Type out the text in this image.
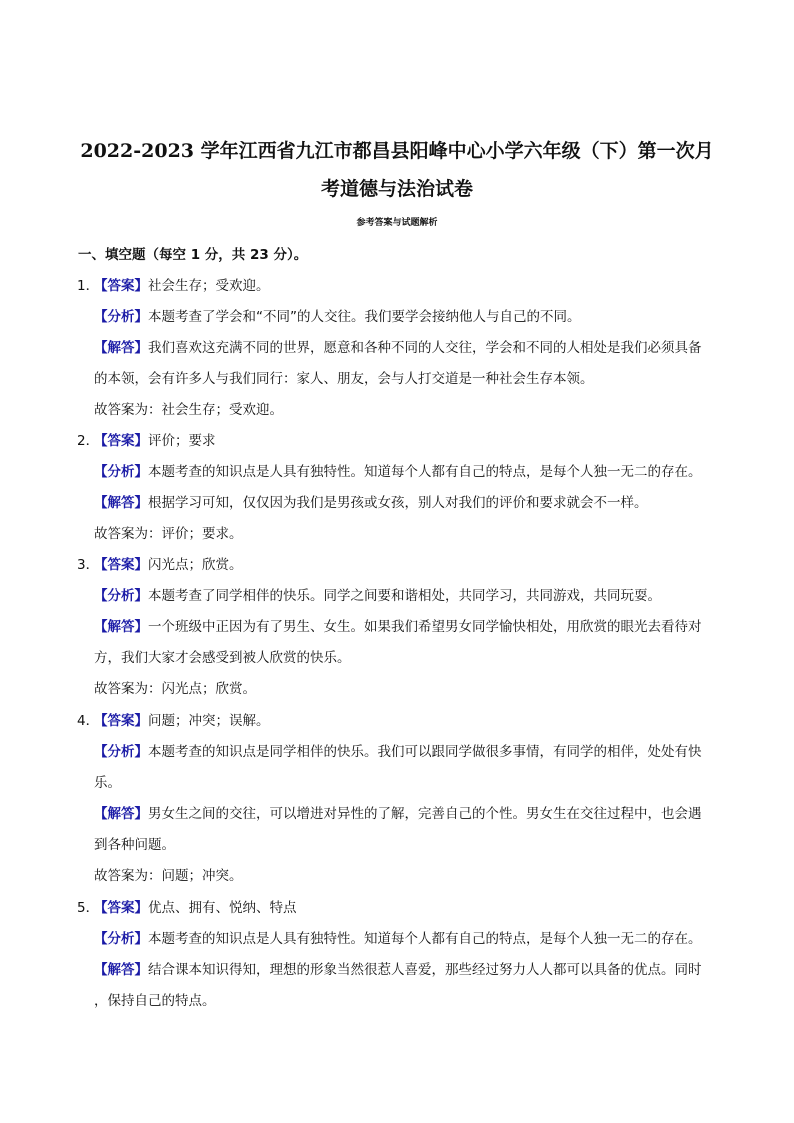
2022-2023 学年江西省九江市都昌县阳峰中心小学六年级（下）第一次月
考道德与法治试卷
参考答案与试题解析
一、填空题（每空 1 分，共 23 分）。
1．【答案】社会生存；受欢迎。
【分析】本题考查了学会和“不同”的人交往。我们要学会接纳他人与自己的不同。
【解答】我们喜欢这充满不同的世界，愿意和各种不同的人交往，学会和不同的人相处是我们必须具备
的本领，会有许多人与我们同行：家人、朋友，会与人打交道是一种社会生存本领。
故答案为：社会生存；受欢迎。
2．【答案】评价；要求
【分析】本题考查的知识点是人具有独特性。知道每个人都有自己的特点，是每个人独一无二的存在。
【解答】根据学习可知，仅仅因为我们是男孩或女孩，别人对我们的评价和要求就会不一样。
故答案为：评价；要求。
3．【答案】闪光点；欣赏。
【分析】本题考查了同学相伴的快乐。同学之间要和谐相处，共同学习，共同游戏，共同玩耍。
【解答】一个班级中正因为有了男生、女生。如果我们希望男女同学愉快相处，用欣赏的眼光去看待对
方，我们大家才会感受到被人欣赏的快乐。
故答案为：闪光点；欣赏。
4．【答案】问题；冲突；误解。
【分析】本题考查的知识点是同学相伴的快乐。我们可以跟同学做很多事情，有同学的相伴，处处有快
乐。
【解答】男女生之间的交往，可以增进对异性的了解，完善自己的个性。男女生在交往过程中，也会遇
到各种问题。
故答案为：问题；冲突。
5．【答案】优点、拥有、悦纳、特点
【分析】本题考查的知识点是人具有独特性。知道每个人都有自己的特点，是每个人独一无二的存在。
【解答】结合课本知识得知，理想的形象当然很惹人喜爱，那些经过努力人人都可以具备的优点。同时
，保持自己的特点。
